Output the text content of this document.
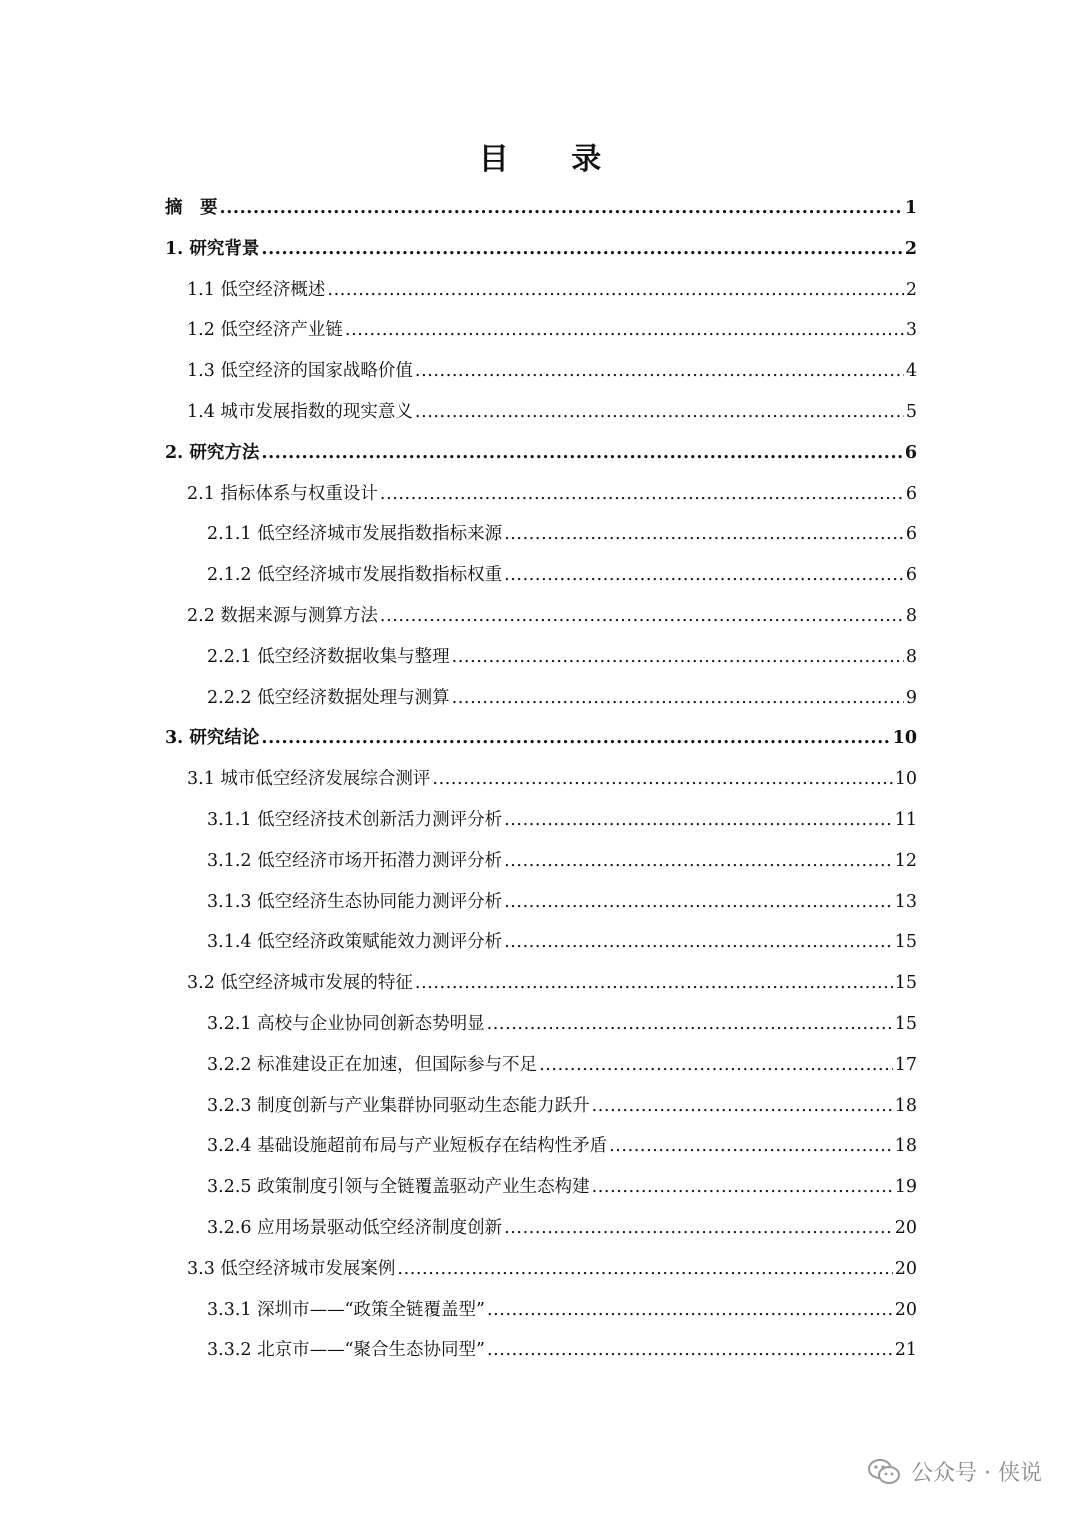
目 录
摘　要 .....	1
1. 研究背景 .....	2
1.1 低空经济概述 .....	2
1.2 低空经济产业链 .....	3
1.3 低空经济的国家战略价值 .....	4
1.4 城市发展指数的现实意义 .....	5
2. 研究方法 .....	6
2.1 指标体系与权重设计 .....	6
2.1.1 低空经济城市发展指数指标来源 .....	6
2.1.2 低空经济城市发展指数指标权重 .....	6
2.2 数据来源与测算方法 .....	8
2.2.1 低空经济数据收集与整理 .....	8
2.2.2 低空经济数据处理与测算 .....	9
3. 研究结论 .....	10
3.1 城市低空经济发展综合测评 .....	10
3.1.1 低空经济技术创新活力测评分析 .....	11
3.1.2 低空经济市场开拓潜力测评分析 .....	12
3.1.3 低空经济生态协同能力测评分析 .....	13
3.1.4 低空经济政策赋能效力测评分析 .....	15
3.2 低空经济城市发展的特征 .....	15
3.2.1 高校与企业协同创新态势明显 .....	15
3.2.2 标准建设正在加速，但国际参与不足 .....	17
3.2.3 制度创新与产业集群协同驱动生态能力跃升 .....	18
3.2.4 基础设施超前布局与产业短板存在结构性矛盾 .....	18
3.2.5 政策制度引领与全链覆盖驱动产业生态构建 .....	19
3.2.6 应用场景驱动低空经济制度创新 .....	20
3.3 低空经济城市发展案例 .....	20
3.3.1 深圳市——“政策全链覆盖型” .....	20
3.3.2 北京市——“聚合生态协同型” .....	21
公众号 · 侠说
